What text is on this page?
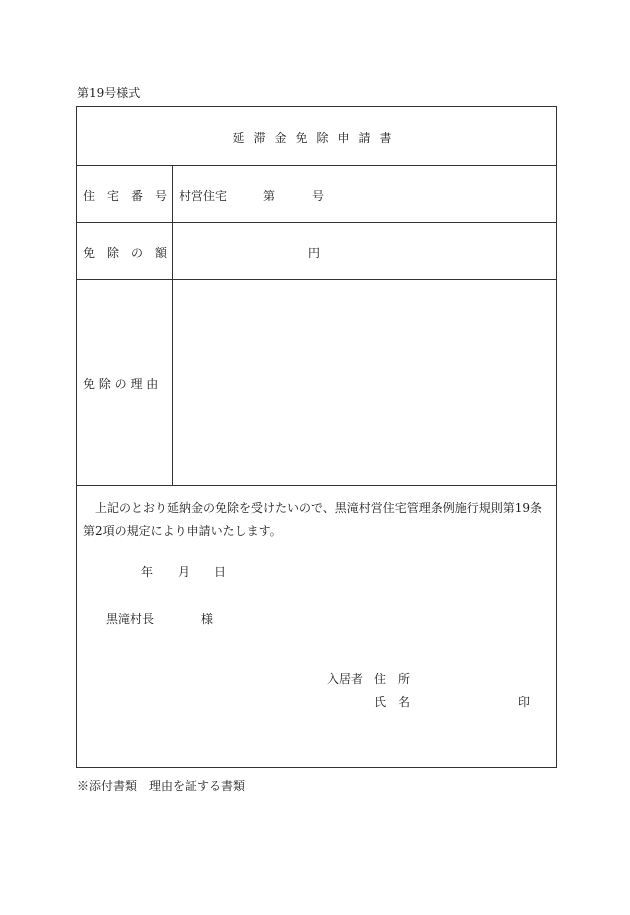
第19号様式
延滞金免除申請書
住　宅　番　号 村営住宅	第	号
免　除　の　額	円
免 除 の 理 由
上記のとおり延納金の免除を受けたいので、黒滝村営住宅管理条例施行規則第19条第2項の規定により申請いたします。
年 月 日
黒滝村長	様
入居者 住　所
氏　名	印
※添付書類　理由を証する書類
